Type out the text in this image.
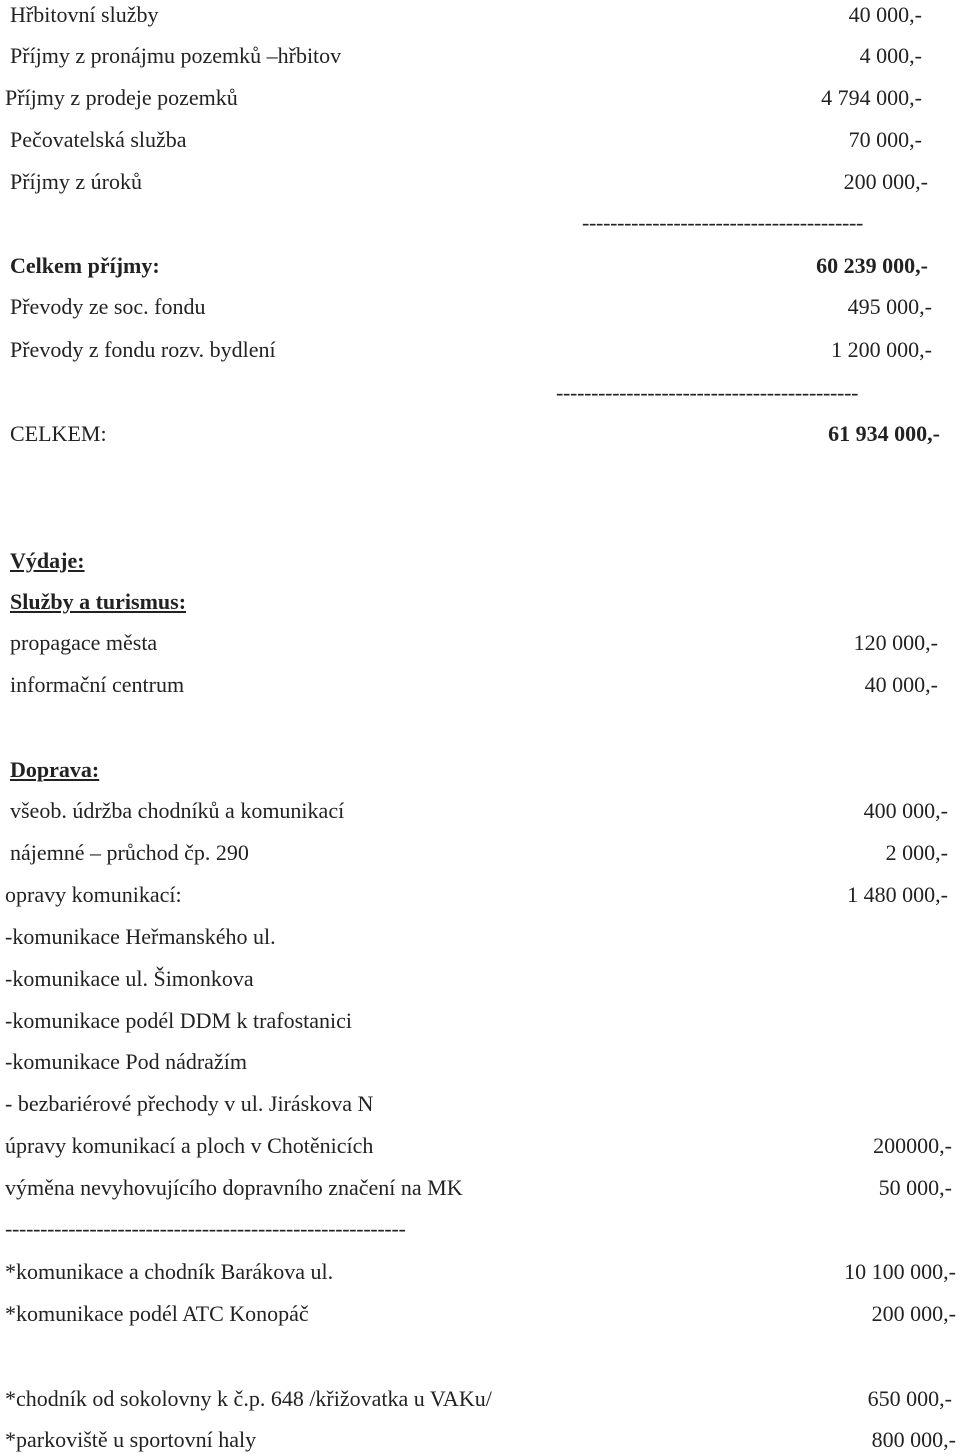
Hřbitovní služby	40 000,-
Příjmy z pronájmu pozemků –hřbitov	4 000,-
Příjmy z prodeje pozemků	4 794 000,-
Pečovatelská služba	70 000,-
Příjmy z úroků	200 000,-
----------------------------------------
Celkem příjmy:	60 239 000,-
Převody ze soc. fondu	495 000,-
Převody z fondu rozv. bydlení	1 200 000,-
-------------------------------------------
CELKEM:	61 934 000,-
Výdaje:
Služby a turismus:
propagace města	120 000,-
informační centrum	40 000,-
Doprava:
všeob. údržba chodníků a komunikací	400 000,-
nájemné – průchod čp. 290	2 000,-
opravy komunikací:	1 480 000,-
-komunikace Heřmanského ul.
-komunikace ul. Šimonkova
-komunikace podél DDM k trafostanici
-komunikace Pod nádražím
- bezbariérové přechody v ul. Jiráskova N
úpravy komunikací a ploch v Chotěnicích	200000,-
výměna nevyhovujícího dopravního značení na MK	50 000,-
---------------------------------------------------------
*komunikace a chodník Barákova ul.	10 100 000,-
*komunikace podél ATC Konopáč	200 000,-
*chodník od sokolovny k č.p. 648 /křižovatka u VAKu/	650 000,-
*parkoviště u sportovní haly	800 000,-
